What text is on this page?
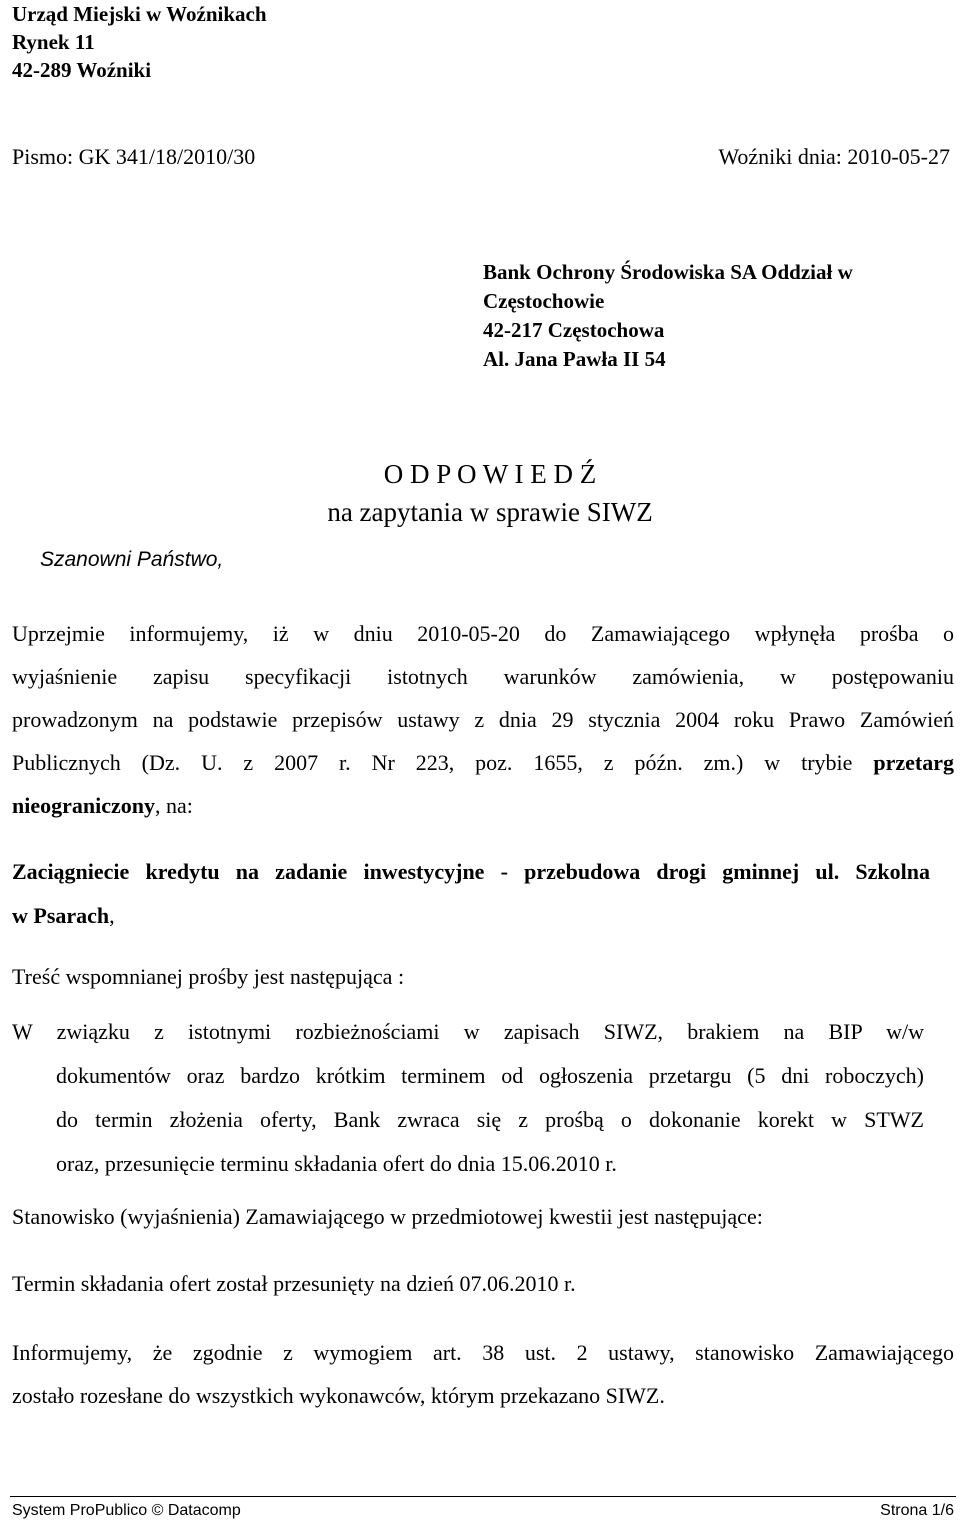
Urząd Miejski w Woźnikach
Rynek 11
42-289 Woźniki
Pismo: GK 341/18/2010/30	Woźniki dnia: 2010-05-27
Bank Ochrony Środowiska SA Oddział w
Częstochowie
42-217 Częstochowa
Al. Jana Pawła II 54
O D P O W I E D Ź
na zapytania w sprawie SIWZ
Szanowni Państwo,
Uprzejmie informujemy, iż w dniu 2010-05-20 do Zamawiającego wpłynęła prośba o
wyjaśnienie zapisu specyfikacji istotnych warunków zamówienia, w postępowaniu
prowadzonym na podstawie przepisów ustawy z dnia 29 stycznia 2004 roku Prawo Zamówień
Publicznych (Dz. U. z 2007 r. Nr 223, poz. 1655, z późn. zm.) w trybie przetarg
nieograniczony, na:
Zaciągniecie kredytu na zadanie inwestycyjne - przebudowa drogi gminnej ul. Szkolna
w Psarach,
Treść wspomnianej prośby jest następująca :
W związku z istotnymi rozbieżnościami w zapisach SIWZ, brakiem na BIP w/w
dokumentów oraz bardzo krótkim terminem od ogłoszenia przetargu (5 dni roboczych)
do termin złożenia oferty, Bank zwraca się z prośbą o dokonanie korekt w STWZ
oraz, przesunięcie terminu składania ofert do dnia 15.06.2010 r.
Stanowisko (wyjaśnienia) Zamawiającego w przedmiotowej kwestii jest następujące:
Termin składania ofert został przesunięty na dzień 07.06.2010 r.
Informujemy, że zgodnie z wymogiem art. 38 ust. 2 ustawy, stanowisko Zamawiającego
zostało rozesłane do wszystkich wykonawców, którym przekazano SIWZ.
System ProPublico © Datacomp	Strona 1/6
